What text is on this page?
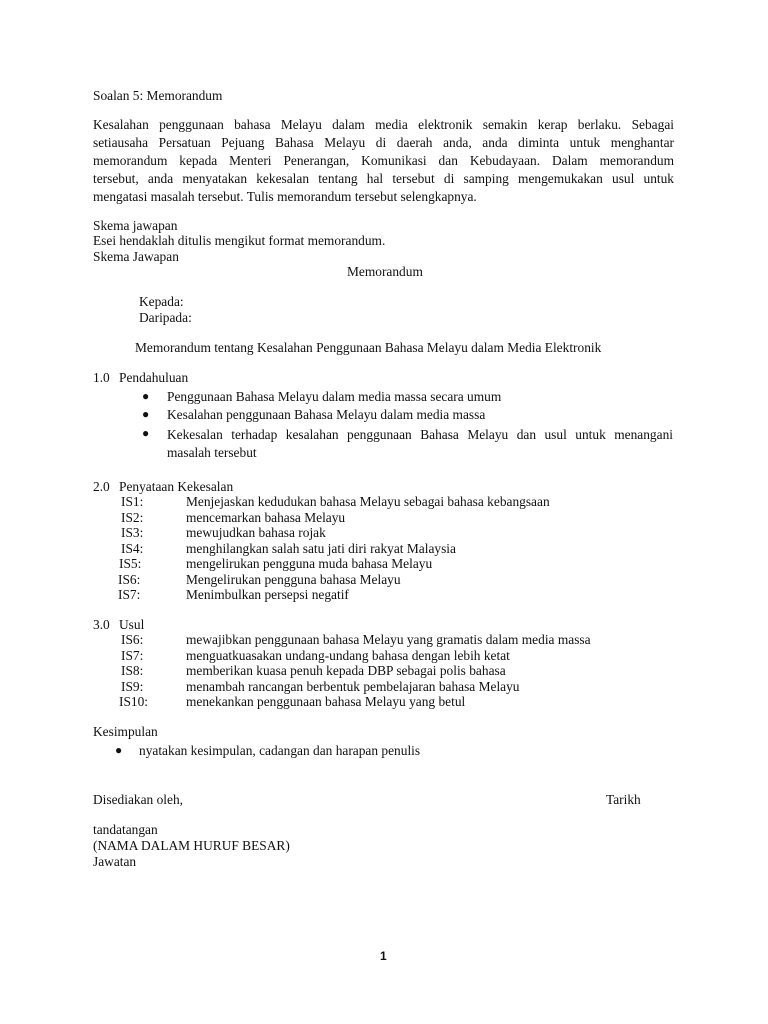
Soalan 5: Memorandum
Kesalahan penggunaan bahasa Melayu dalam media elektronik semakin kerap berlaku. Sebagai
setiausaha Persatuan Pejuang Bahasa Melayu di daerah anda, anda diminta untuk menghantar
memorandum kepada Menteri Penerangan, Komunikasi dan Kebudayaan. Dalam memorandum
tersebut, anda menyatakan kekesalan tentang hal tersebut di samping mengemukakan usul untuk
mengatasi masalah tersebut. Tulis memorandum tersebut selengkapnya.
Skema jawapan
Esei hendaklah ditulis mengikut format memorandum.
Skema Jawapan
Memorandum
Kepada:
Daripada:
Memorandum tentang Kesalahan Penggunaan Bahasa Melayu dalam Media Elektronik
1.0 Pendahuluan
● Penggunaan Bahasa Melayu dalam media massa secara umum
● Kesalahan penggunaan Bahasa Melayu dalam media massa
● Kekesalan terhadap kesalahan penggunaan Bahasa Melayu dan usul untuk menangani
masalah tersebut
2.0 Penyataan Kekesalan
IS1:	Menjejaskan kedudukan bahasa Melayu sebagai bahasa kebangsaan
IS2:	mencemarkan bahasa Melayu
IS3:	mewujudkan bahasa rojak
IS4:	menghilangkan salah satu jati diri rakyat Malaysia
IS5:	mengelirukan pengguna muda bahasa Melayu
IS6:	Mengelirukan pengguna bahasa Melayu
IS7:	Menimbulkan persepsi negatif
3.0 Usul
IS6:	mewajibkan penggunaan bahasa Melayu yang gramatis dalam media massa
IS7:	menguatkuasakan undang-undang bahasa dengan lebih ketat
IS8:	memberikan kuasa penuh kepada DBP sebagai polis bahasa
IS9:	menambah rancangan berbentuk pembelajaran bahasa Melayu
IS10:	menekankan penggunaan bahasa Melayu yang betul
Kesimpulan
● nyatakan kesimpulan, cadangan dan harapan penulis
Disediakan oleh,	Tarikh
tandatangan
(NAMA DALAM HURUF BESAR)
Jawatan
1
